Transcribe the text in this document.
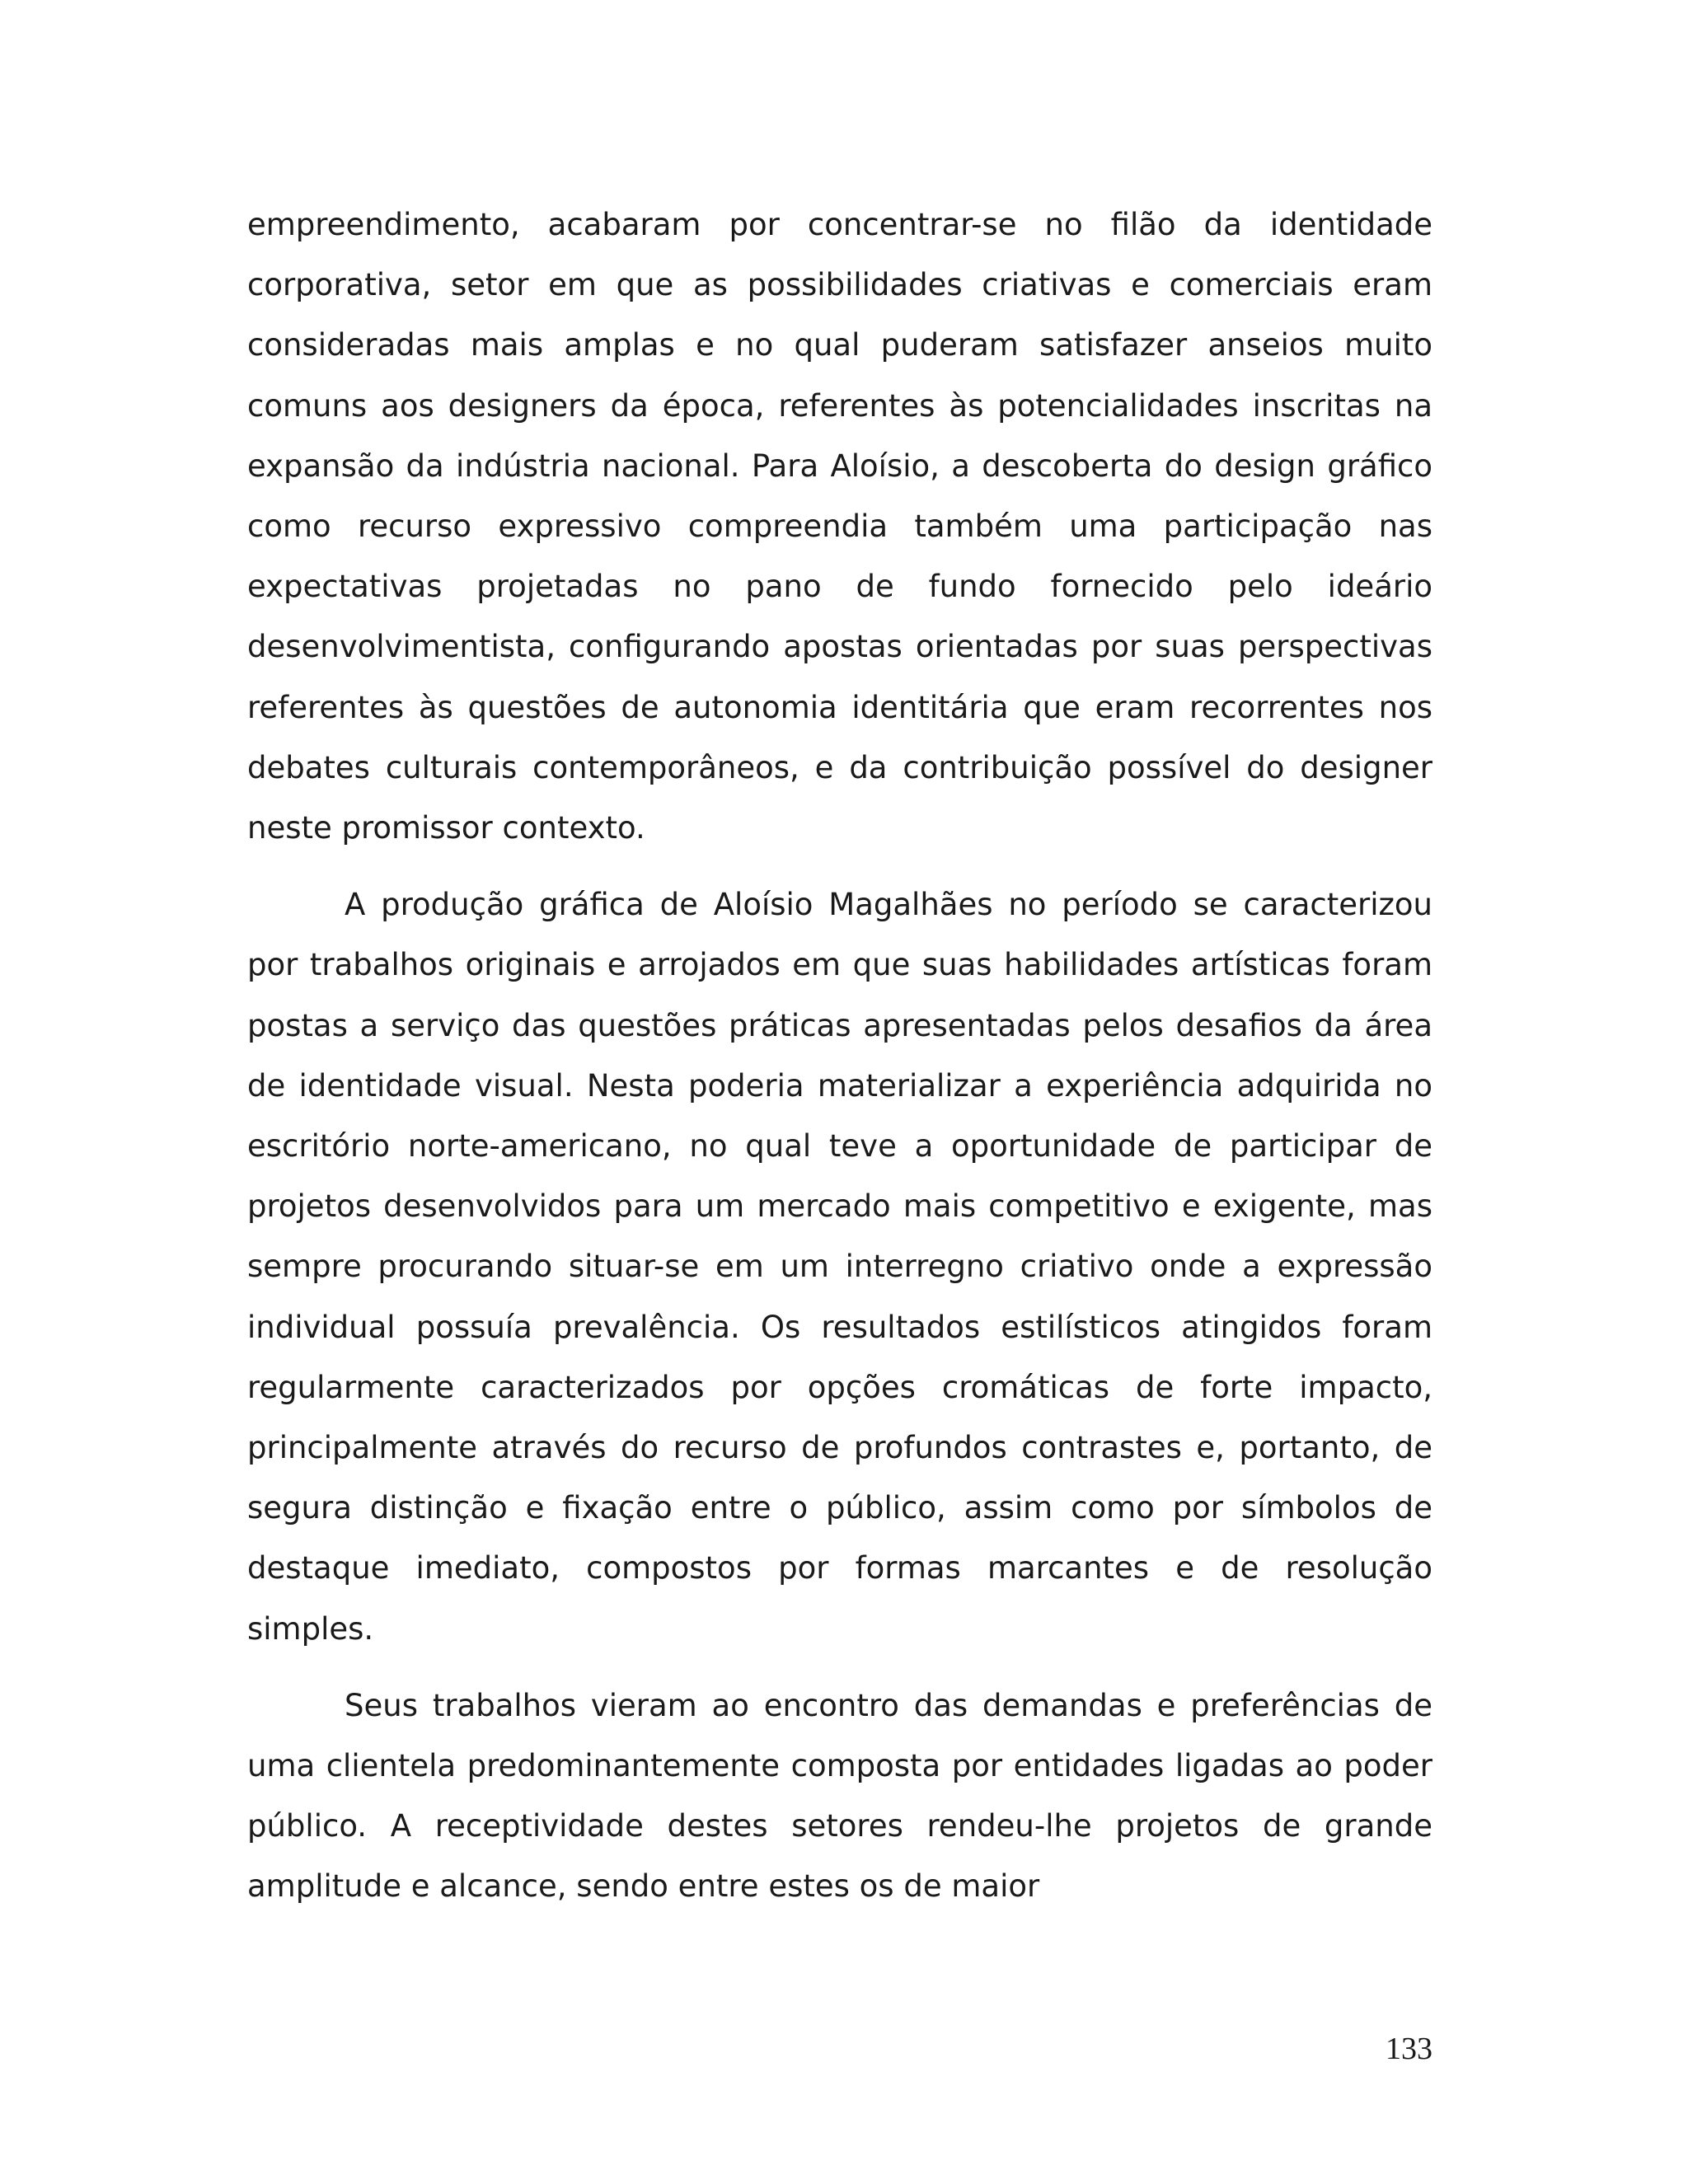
empreendimento, acabaram por concentrar-se no filão da identidade corporativa, setor em que as possibilidades criativas e comerciais eram consideradas mais amplas e no qual puderam satisfazer anseios muito comuns aos designers da época, referentes às potencialidades inscritas na expansão da indústria nacional. Para Aloísio, a descoberta do design gráfico como recurso expressivo compreendia também uma participação nas expectativas projetadas no pano de fundo fornecido pelo ideário desenvolvimentista, configurando apostas orientadas por suas perspectivas referentes às questões de autonomia identitária que eram recorrentes nos debates culturais contemporâneos, e da contribuição possível do designer neste promissor contexto.

A produção gráfica de Aloísio Magalhães no período se caracterizou por trabalhos originais e arrojados em que suas habilidades artísticas foram postas a serviço das questões práticas apresentadas pelos desafios da área de identidade visual. Nesta poderia materializar a experiência adquirida no escritório norte-americano, no qual teve a oportunidade de participar de projetos desenvolvidos para um mercado mais competitivo e exigente, mas sempre procurando situar-se em um interregno criativo onde a expressão individual possuía prevalência. Os resultados estilísticos atingidos foram regularmente caracterizados por opções cromáticas de forte impacto, principalmente através do recurso de profundos contrastes e, portanto, de segura distinção e fixação entre o público, assim como por símbolos de destaque imediato, compostos por formas marcantes e de resolução simples.

Seus trabalhos vieram ao encontro das demandas e preferências de uma clientela predominantemente composta por entidades ligadas ao poder público. A receptividade destes setores rendeu-lhe projetos de grande amplitude e alcance, sendo entre estes os de maior

133
